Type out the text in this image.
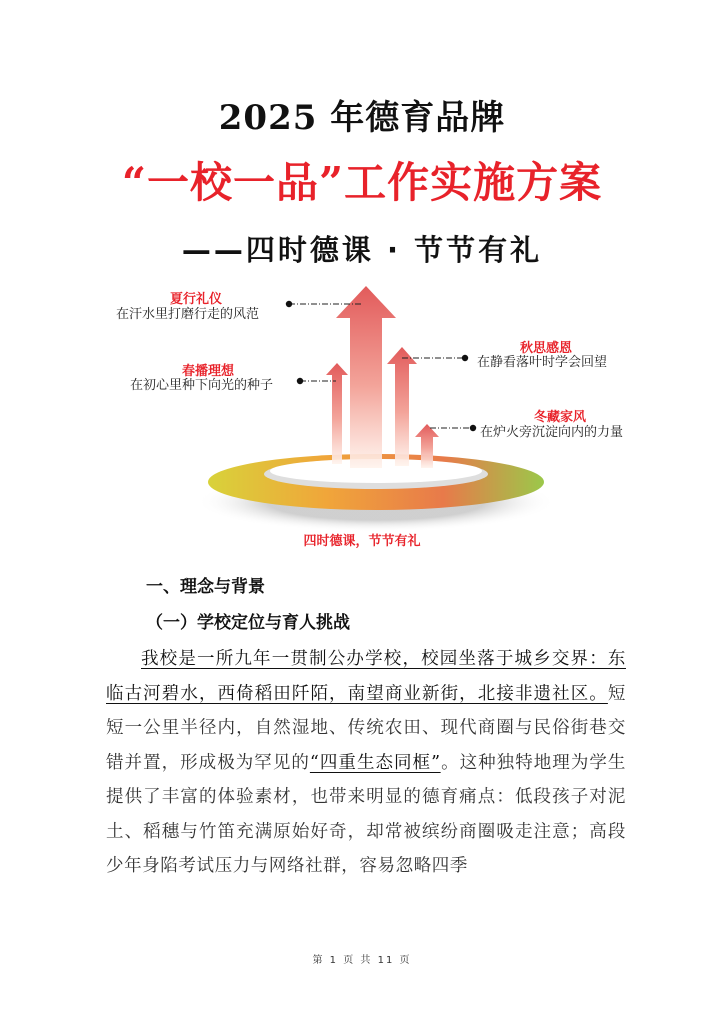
2025 年德育品牌
“一校一品”工作实施方案
——四时德课 · 节节有礼
夏行礼仪
在汗水里打磨行走的风范
春播理想
在初心里种下向光的种子
秋思感恩
在静看落叶时学会回望
冬藏家风
在炉火旁沉淀向内的力量
四时德课，节节有礼
一、理念与背景
（一）学校定位与育人挑战
我校是一所九年一贯制公办学校，校园坐落于城乡交界：东临古河碧水，西倚稻田阡陌，南望商业新街，北接非遗社区。短短一公里半径内，自然湿地、传统农田、现代商圈与民俗街巷交错并置，形成极为罕见的“四重生态同框”。这种独特地理为学生提供了丰富的体验素材，也带来明显的德育痛点：低段孩子对泥土、稻穗与竹笛充满原始好奇，却常被缤纷商圈吸走注意；高段少年身陷考试压力与网络社群，容易忽略四季
第 1 页 共 11 页
